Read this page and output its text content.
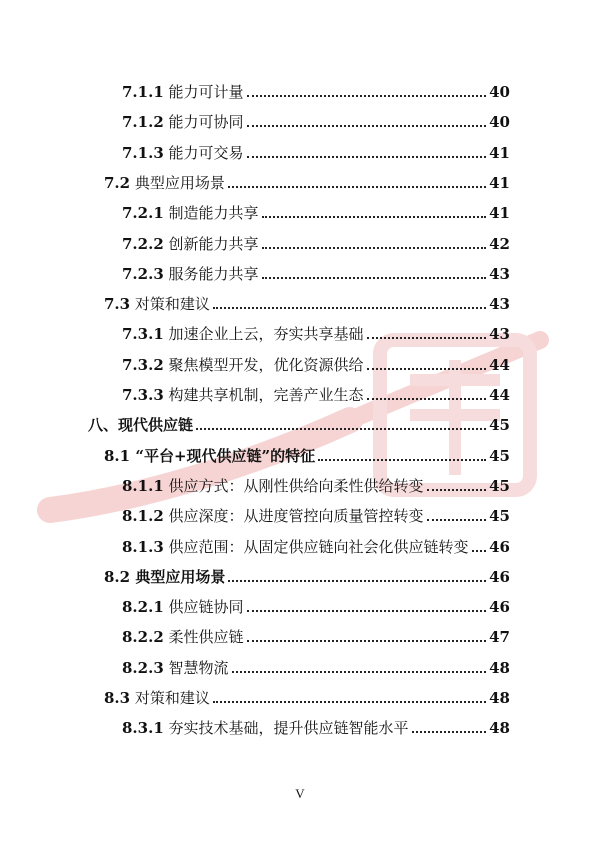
7.1.1 能力可计量	40
7.1.2 能力可协同	40
7.1.3 能力可交易	41
7.2 典型应用场景	41
7.2.1 制造能力共享	41
7.2.2 创新能力共享	42
7.2.3 服务能力共享	43
7.3 对策和建议	43
7.3.1 加速企业上云，夯实共享基础	43
7.3.2 聚焦模型开发，优化资源供给	44
7.3.3 构建共享机制，完善产业生态	44
八、现代供应链	45
8.1 “平台+现代供应链”的特征	45
8.1.1 供应方式：从刚性供给向柔性供给转变	45
8.1.2 供应深度：从进度管控向质量管控转变	45
8.1.3 供应范围：从固定供应链向社会化供应链转变 46
8.2 典型应用场景	46
8.2.1 供应链协同	46
8.2.2 柔性供应链	47
8.2.3 智慧物流	48
8.3 对策和建议	48
8.3.1 夯实技术基础，提升供应链智能水平	48
V
